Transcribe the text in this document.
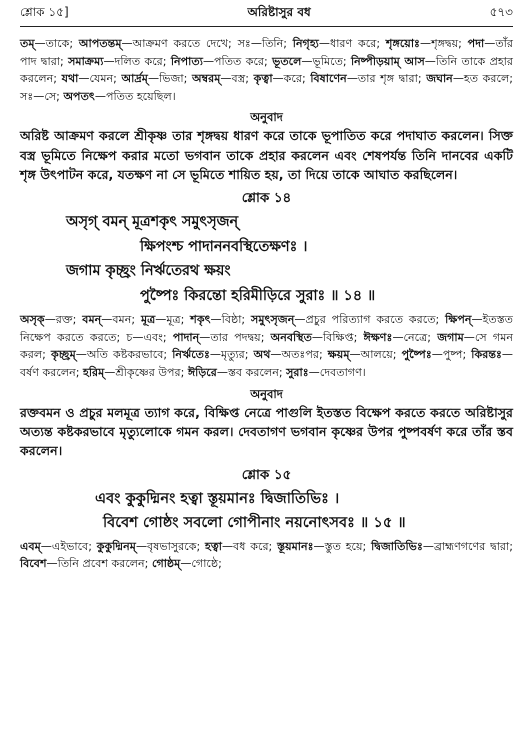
শ্লোক ১৫]	অরিষ্টাসুর বধ	৫৭৩
তম্—তাকে; আপতন্তম্—আক্রমণ করতে দেখে; সঃ—তিনি; নিগৃহ্য—ধারণ করে; শৃঙ্গয়োঃ—শৃঙ্গদ্বয়; পদা—তাঁর পাদ দ্বারা; সমাক্রম্য—দলিত করে; নিপাত্য—পতিত করে; ভূতলে—ভূমিতে; নিষ্পীড়য়াম্ আস—তিনি তাকে প্রহার করলেন; যথা—যেমন; আর্দ্রম্—ভিজা; অম্বরম্—বস্ত্র; কৃত্বা—করে; বিষাণেন—তার শৃঙ্গ দ্বারা; জঘান—হত করলে; সঃ—সে; অপতৎ—পতিত হয়েছিল।
অনুবাদ
অরিষ্ট আক্রমণ করলে শ্রীকৃষ্ণ তার শৃঙ্গদ্বয় ধারণ করে তাকে ভূপাতিত করে পদাঘাত করলেন। সিক্ত বস্ত্র ভূমিতে নিক্ষেপ করার মতো ভগবান তাকে প্রহার করলেন এবং শেষপর্যন্ত তিনি দানবের একটি শৃঙ্গ উৎপাটন করে, যতক্ষণ না সে ভূমিতে শায়িত হয়, তা দিয়ে তাকে আঘাত করছিলেন।
শ্লোক ১৪
অসৃগ্ বমন্ মূত্রশকৃৎ সমুৎসৃজন্
ক্ষিপংশ্চ পাদাননবস্থিতেক্ষণঃ ।
জগাম কৃচ্ছ্রং নির্ঋতেরথ ক্ষয়ং
পুষ্পৈঃ কিরন্তো হরিমীড়িরে সুরাঃ ॥ ১৪ ॥
অসৃক্—রক্ত; বমন্—বমন; মূত্র—মূত্র; শকৃৎ—বিষ্ঠা; সমুৎসৃজন্—প্রচুর পরিত্যাগ করতে করতে; ক্ষিপন্—ইতস্তত নিক্ষেপ করতে করতে; চ—এবং; পাদান্—তার পদদ্বয়; অনবস্থিত—বিক্ষিপ্ত; ঈক্ষণঃ—নেত্রে; জগাম—সে গমন করল; কৃচ্ছ্রম্—অতি কষ্টকরভাবে; নির্ঋতেঃ—মৃত্যুর; অথ—অতঃপর; ক্ষয়ম্—আলয়ে; পুষ্পৈঃ—পুষ্প; কিরন্তঃ—বর্ষণ করলেন; হরিম্—শ্রীকৃষ্ণের উপর; ঈড়িরে—স্তব করলেন; সুরাঃ—দেবতাগণ।
অনুবাদ
রক্তবমন ও প্রচুর মলমূত্র ত্যাগ করে, বিক্ষিপ্ত নেত্রে পাগুলি ইতস্তত বিক্ষেপ করতে করতে অরিষ্টাসুর অত্যন্ত কষ্টকরভাবে মৃত্যুলোকে গমন করল। দেবতাগণ ভগবান কৃষ্ণের উপর পুষ্পবর্ষণ করে তাঁর স্তব করলেন।
শ্লোক ১৫
এবং কুকুদ্মিনং হত্বা স্তূয়মানঃ দ্বিজাতিভিঃ ।
বিবেশ গোষ্ঠং সবলো গোপীনাং নয়নোৎসবঃ ॥ ১৫ ॥
এবম্—এইভাবে; কুকুদ্মিনম্—বৃষভাসুরকে; হত্বা—বধ করে; স্তূয়মানঃ—স্তুত হয়ে; দ্বিজাতিভিঃ—ব্রাহ্মণগণের দ্বারা; বিবেশ—তিনি প্রবেশ করলেন; গোষ্ঠম্—গোষ্ঠে;
